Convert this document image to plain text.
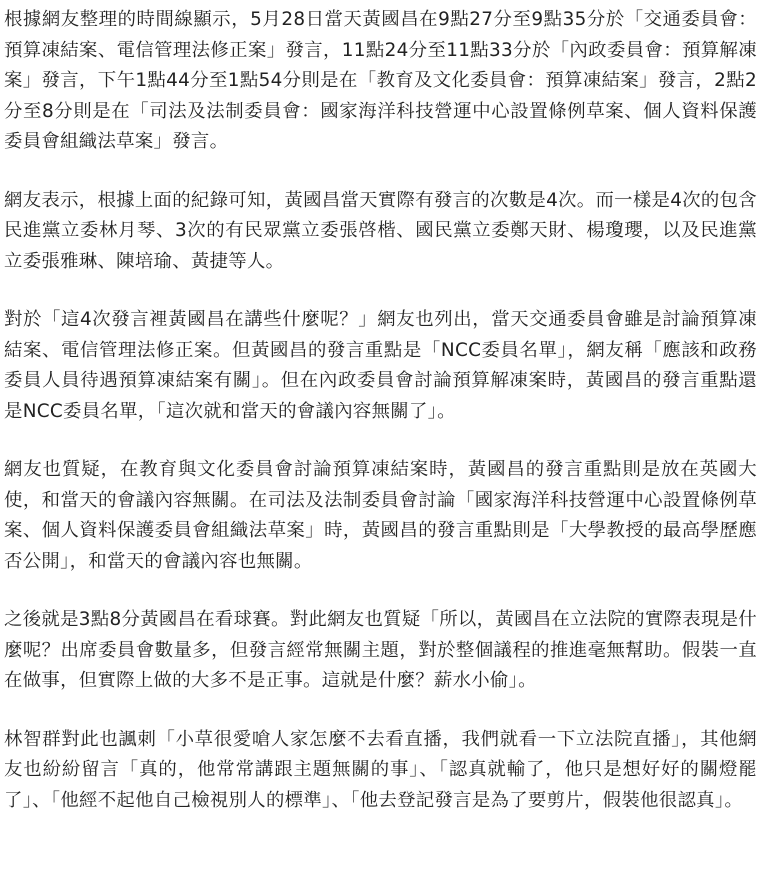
根據網友整理的時間線顯示，5月28日當天黃國昌在9點27分至9點35分於「交通委員會：預算凍結案、電信管理法修正案」發言，11點24分至11點33分於「內政委員會：預算解凍案」發言，下午1點44分至1點54分則是在「教育及文化委員會：預算凍結案」發言，2點2分至8分則是在「司法及法制委員會：國家海洋科技營運中心設置條例草案、個人資料保護委員會組織法草案」發言。

網友表示，根據上面的紀錄可知，黃國昌當天實際有發言的次數是4次。而一樣是4次的包含民進黨立委林月琴、3次的有民眾黨立委張啓楷、國民黨立委鄭天財、楊瓊瓔，以及民進黨立委張雅琳、陳培瑜、黃捷等人。

對於「這4次發言裡黃國昌在講些什麼呢？」網友也列出，當天交通委員會雖是討論預算凍結案、電信管理法修正案。但黃國昌的發言重點是「NCC委員名單」，網友稱「應該和政務委員人員待遇預算凍結案有關」。但在內政委員會討論預算解凍案時，黃國昌的發言重點還是NCC委員名單，「這次就和當天的會議內容無關了」。

網友也質疑，在教育與文化委員會討論預算凍結案時，黃國昌的發言重點則是放在英國大使，和當天的會議內容無關。在司法及法制委員會討論「國家海洋科技營運中心設置條例草案、個人資料保護委員會組織法草案」時，黃國昌的發言重點則是「大學教授的最高學歷應否公開」，和當天的會議內容也無關。

之後就是3點8分黃國昌在看球賽。對此網友也質疑「所以，黃國昌在立法院的實際表現是什麼呢？出席委員會數量多，但發言經常無關主題，對於整個議程的推進毫無幫助。假裝一直在做事，但實際上做的大多不是正事。這就是什麼？薪水小偷」。

林智群對此也諷刺「小草很愛嗆人家怎麼不去看直播，我們就看一下立法院直播」，其他網友也紛紛留言「真的，他常常講跟主題無關的事」、「認真就輸了，他只是想好好的關燈罷了」、「他經不起他自己檢視別人的標準」、「他去登記發言是為了要剪片，假裝他很認真」。
